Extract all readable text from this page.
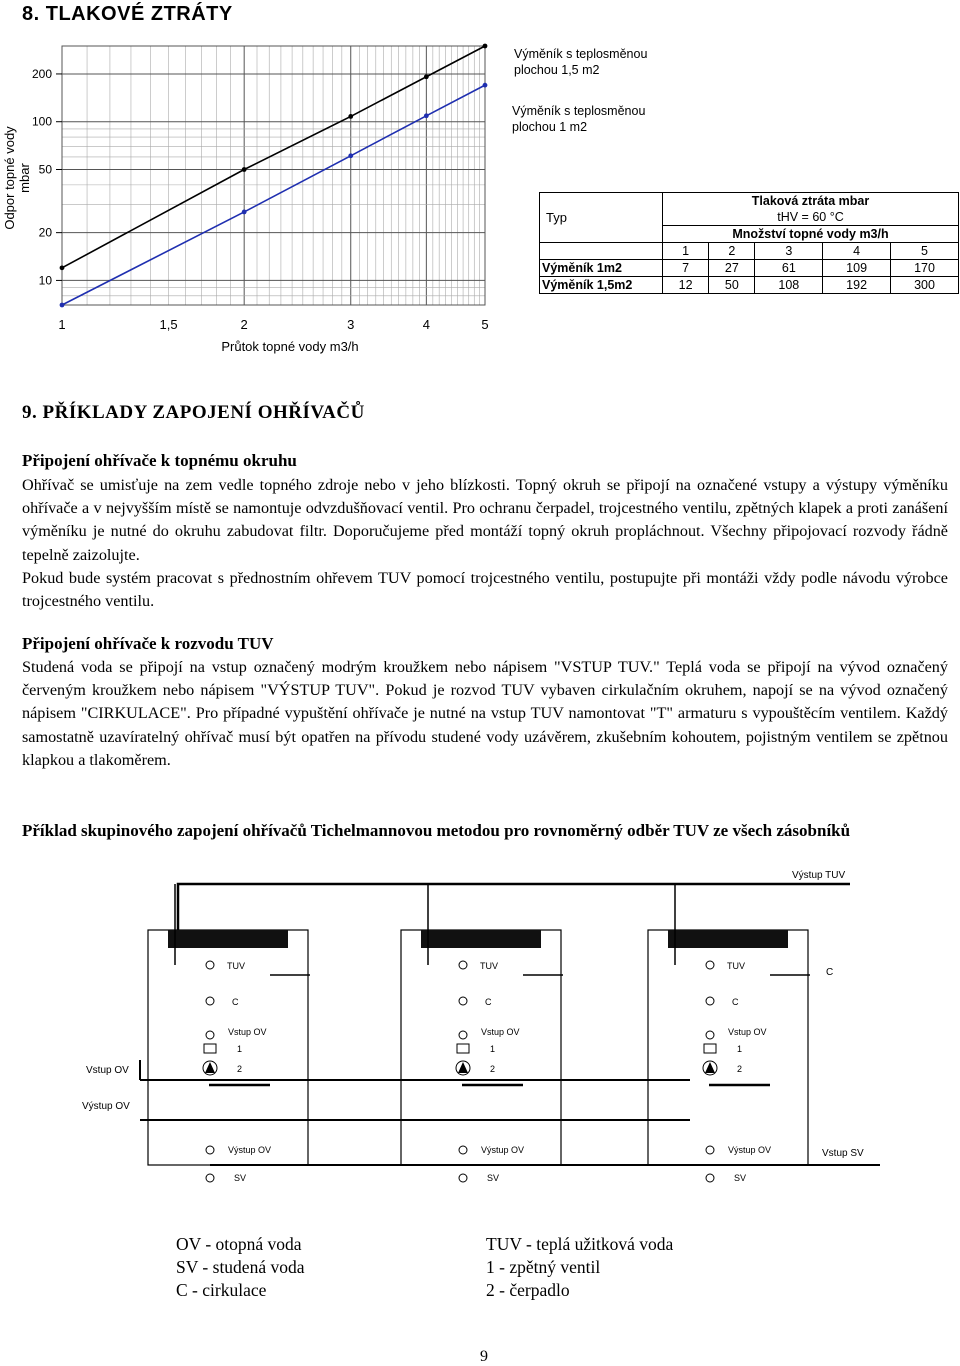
8. TLAKOVÉ ZTRÁTY
200
100
50
20
10
1	1,5	2	3	4	5
Odpor topné vody mbar
Průtok topné vody m3/h
Výměník s teplosměnou
plochou 1,5 m2
Výměník s teplosměnou
plochou 1 m2
Typ	Tlaková ztráta mbar				
	tHV = 60 °C				
	Množství topné vody m3/h				
	1	2	3	4	5
Výměník 1m2	7	27	61	109	170
Výměník 1,5m2	12	50	108	192	300
9. PŘÍKLADY ZAPOJENÍ OHŘÍVAČŮ
Připojení ohřívače k topnému okruhu
Ohřívač se umisťuje na zem vedle topného zdroje nebo v jeho blízkosti. Topný okruh se připojí na označené vstupy a výstupy výměníku ohřívače a v nejvyšším místě se namontuje odvzdušňovací ventil. Pro ochranu čerpadel, trojcestného ventilu, zpětných klapek a proti zanášení výměníku je nutné do okruhu zabudovat filtr. Doporučujeme před montáží topný okruh propláchnout. Všechny připojovací rozvody řádně tepelně zaizolujte.
Pokud bude systém pracovat s přednostním ohřevem TUV pomocí trojcestného ventilu, postupujte při montáži vždy podle návodu výrobce trojcestného ventilu.
Připojení ohřívače k rozvodu TUV
Studená voda se připojí na vstup označený modrým kroužkem nebo nápisem "VSTUP TUV." Teplá voda se připojí na vývod označený červeným kroužkem nebo nápisem "VÝSTUP TUV". Pokud je rozvod TUV vybaven cirkulačním okruhem, napojí se na vývod označený nápisem "CIRKULACE". Pro případné vypuštění ohřívače je nutné na vstup TUV namontovat "T" armaturu s vypouštěcím ventilem. Každý samostatně uzavíratelný ohřívač musí být opatřen na přívodu studené vody uzávěrem, zkušebním kohoutem, pojistným ventilem se zpětnou klapkou a tlakoměrem.
Příklad skupinového zapojení ohřívačů Tichelmannovou metodou pro rovnoměrný odběr TUV ze všech zásobníků
Výstup TUV
TUV
C
Vstup OV
1
2
Výstup OV
SV
TUV
C
Vstup OV
1
2
Výstup OV
SV
TUV
C
Vstup OV
1
2
Výstup OV
SV
Vstup OV
Výstup OV
Vstup SV
C
OV - otopná voda
SV - studená voda
C - cirkulace
TUV - teplá užitková voda
1 - zpětný ventil
2 - čerpadlo
9
